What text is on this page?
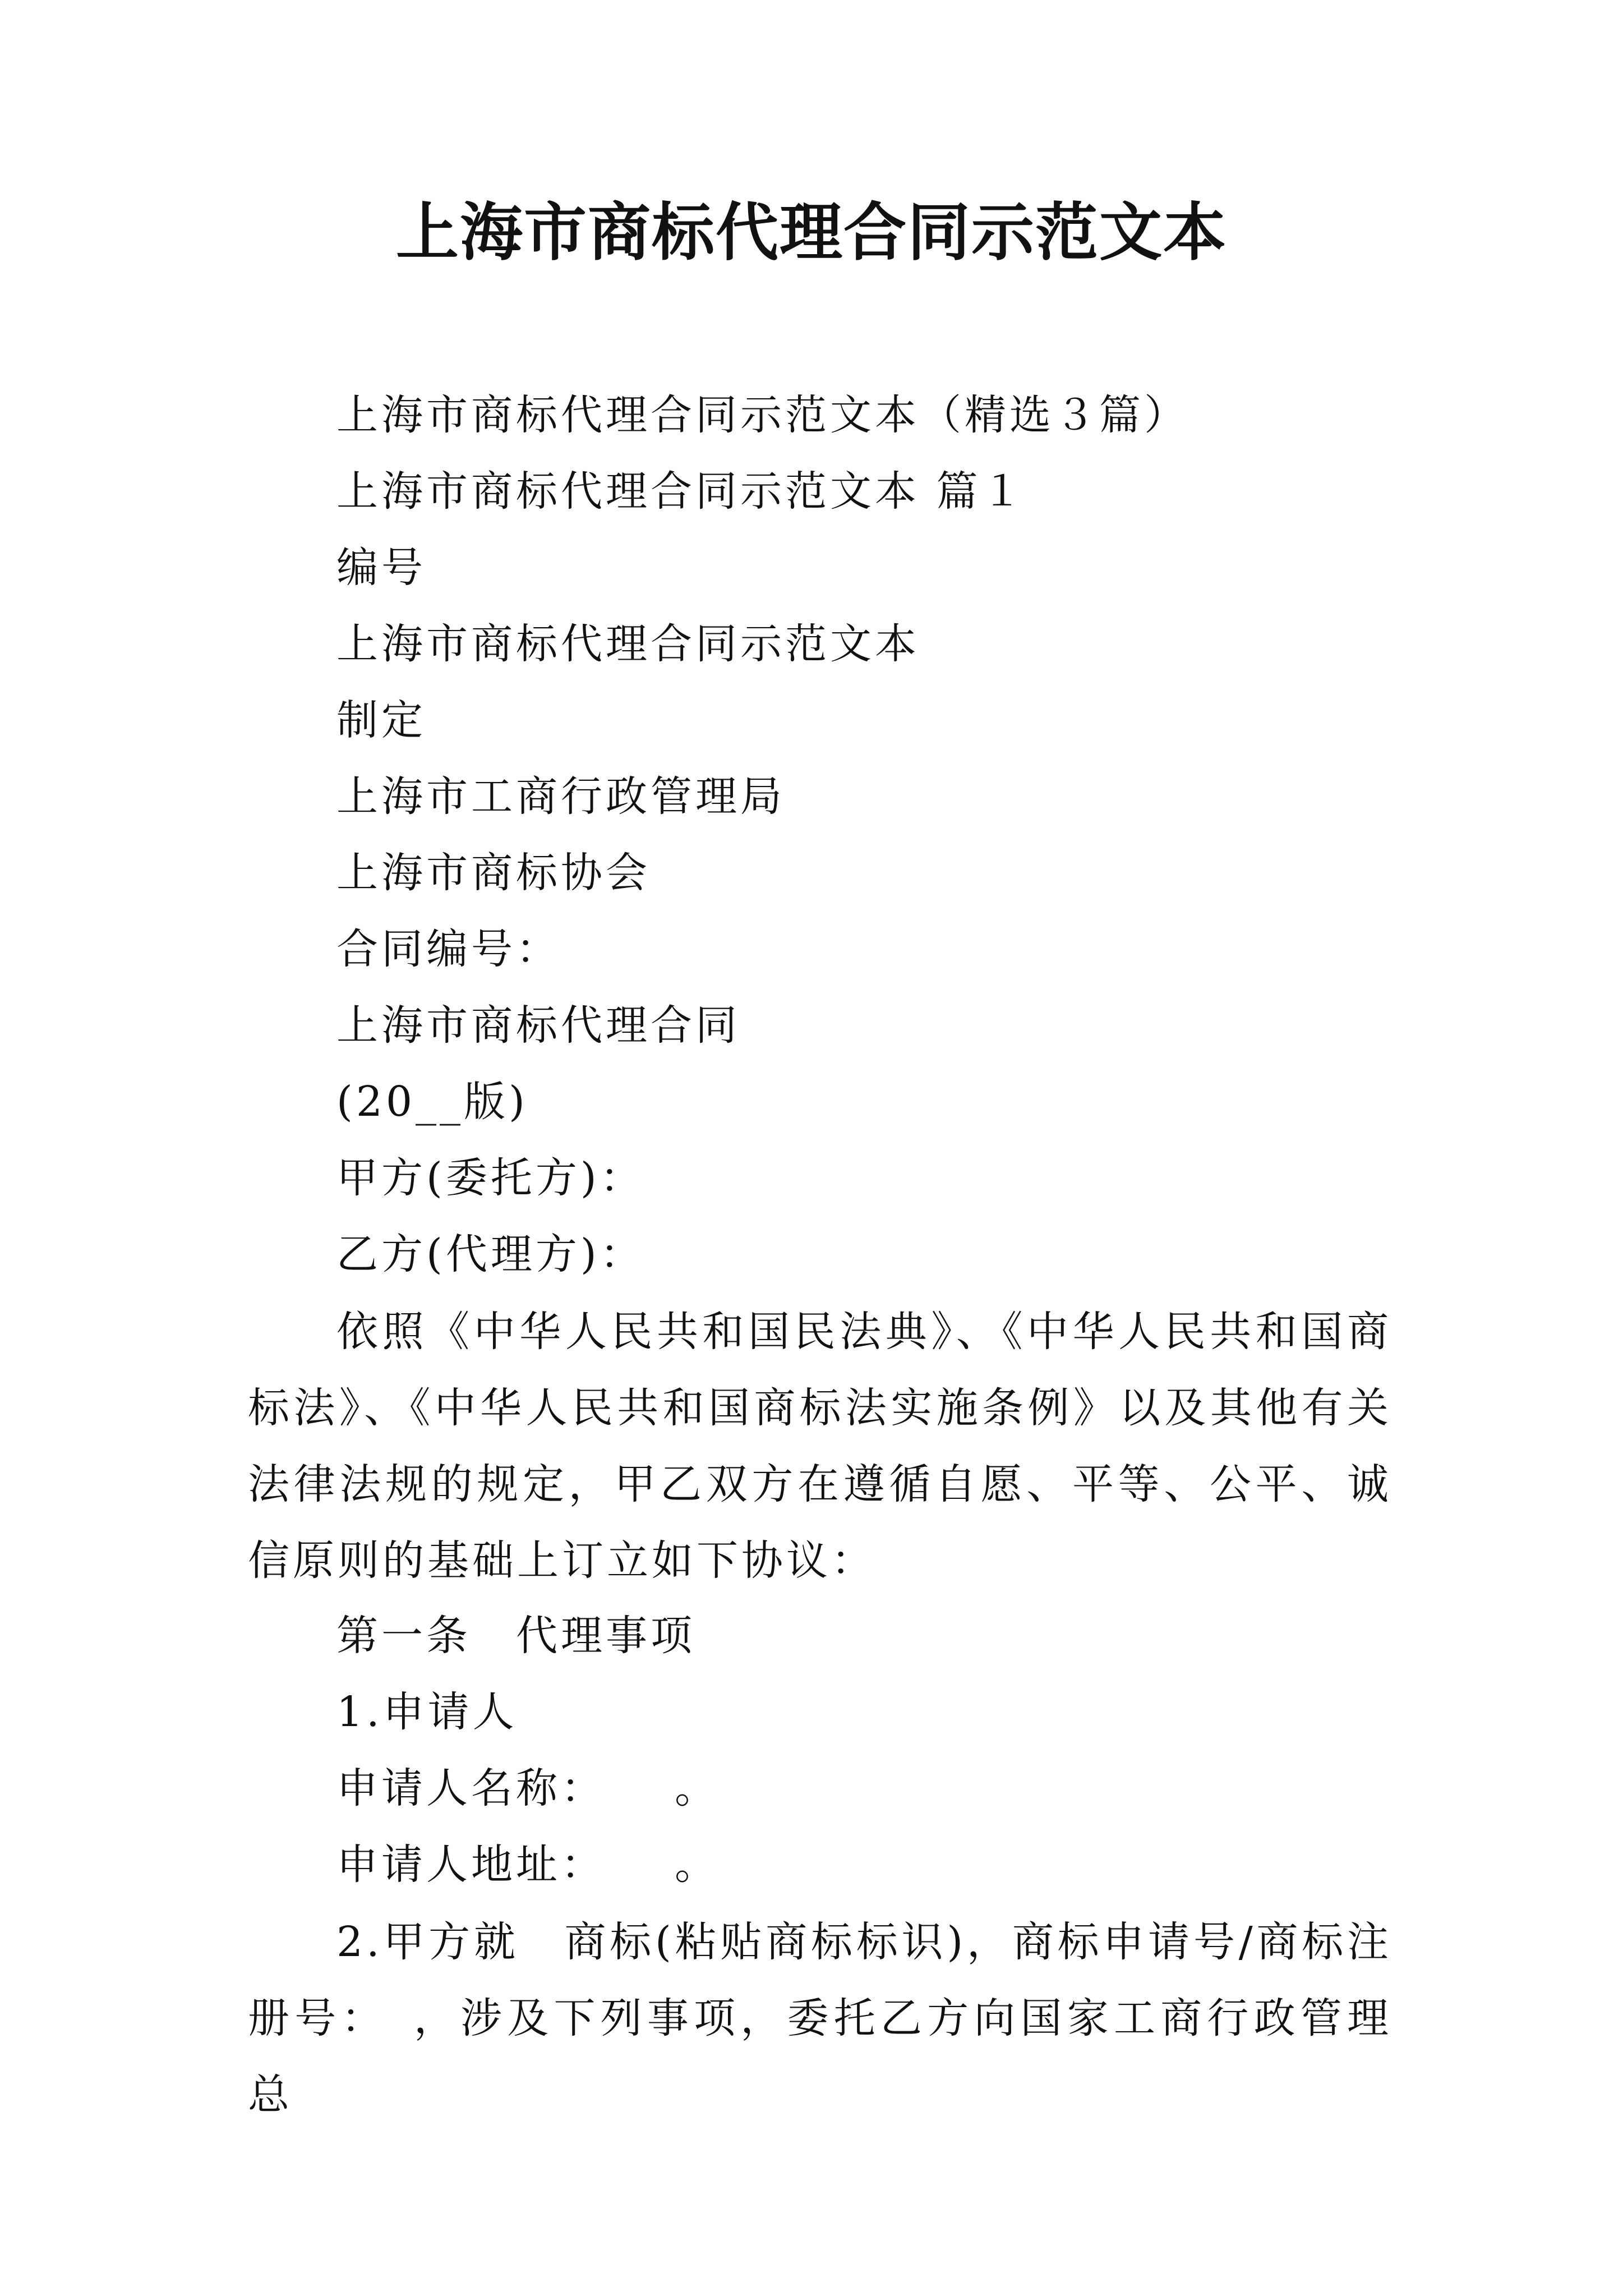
上海市商标代理合同示范文本

上海市商标代理合同示范文本（精选３篇）

上海市商标代理合同示范文本 篇１

编号

上海市商标代理合同示范文本

制定

上海市工商行政管理局

上海市商标协会

合同编号：

上海市商标代理合同

(20__版)

甲方(委托方)：

乙方(代理方)：

依照《中华人民共和国民法典》、《中华人民共和国商标法》、《中华人民共和国商标法实施条例》以及其他有关法律法规的规定，甲乙双方在遵循自愿、平等、公平、诚信原则的基础上订立如下协议：

第一条　代理事项

1.申请人

申请人名称：　　。

申请人地址：　　。

2.甲方就　商标(粘贴商标标识)，商标申请号/商标注册号：　，涉及下列事项，委托乙方向国家工商行政管理总
